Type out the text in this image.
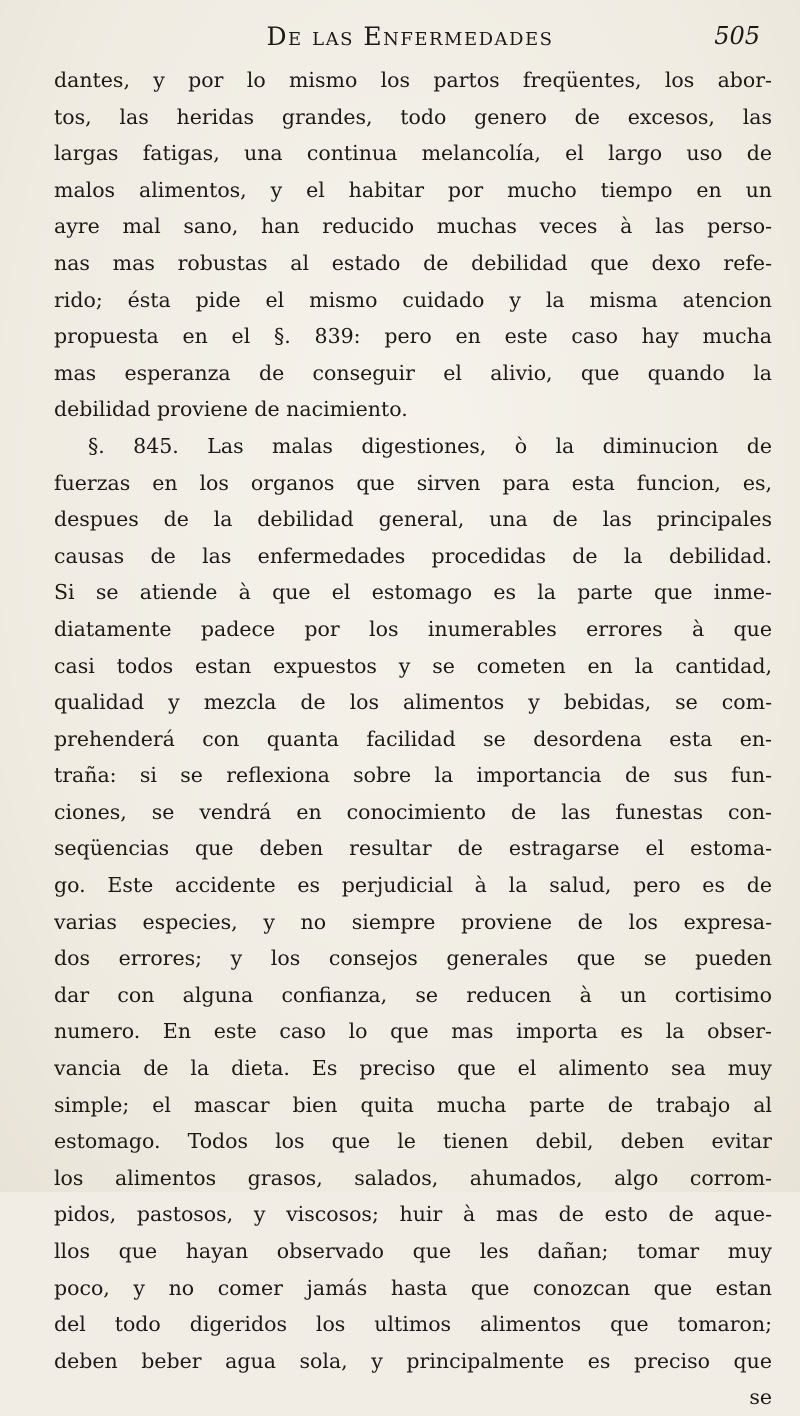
De las Enfermedades	505
dantes, y por lo mismo los partos freqüentes, los abor-
tos, las heridas grandes, todo genero de excesos, las
largas fatigas, una continua melancolía, el largo uso de
malos alimentos, y el habitar por mucho tiempo en un
ayre mal sano, han reducido muchas veces à las perso-
nas mas robustas al estado de debilidad que dexo refe-
rido; ésta pide el mismo cuidado y la misma atencion
propuesta en el §. 839: pero en este caso hay mucha
mas esperanza de conseguir el alivio, que quando la
debilidad proviene de nacimiento.
§. 845. Las malas digestiones, ò la diminucion de
fuerzas en los organos que sirven para esta funcion, es,
despues de la debilidad general, una de las principales
causas de las enfermedades procedidas de la debilidad.
Si se atiende à que el estomago es la parte que inme-
diatamente padece por los inumerables errores à que
casi todos estan expuestos y se cometen en la cantidad,
qualidad y mezcla de los alimentos y bebidas, se com-
prehenderá con quanta facilidad se desordena esta en-
traña: si se reflexiona sobre la importancia de sus fun-
ciones, se vendrá en conocimiento de las funestas con-
seqüencias que deben resultar de estragarse el estoma-
go. Este accidente es perjudicial à la salud, pero es de
varias especies, y no siempre proviene de los expresa-
dos errores; y los consejos generales que se pueden
dar con alguna confianza, se reducen à un cortisimo
numero. En este caso lo que mas importa es la obser-
vancia de la dieta. Es preciso que el alimento sea muy
simple; el mascar bien quita mucha parte de trabajo al
estomago. Todos los que le tienen debil, deben evitar
los alimentos grasos, salados, ahumados, algo corrom-
pidos, pastosos, y viscosos; huir à mas de esto de aque-
llos que hayan observado que les dañan; tomar muy
poco, y no comer jamás hasta que conozcan que estan
del todo digeridos los ultimos alimentos que tomaron;
deben beber agua sola, y principalmente es preciso que
se
